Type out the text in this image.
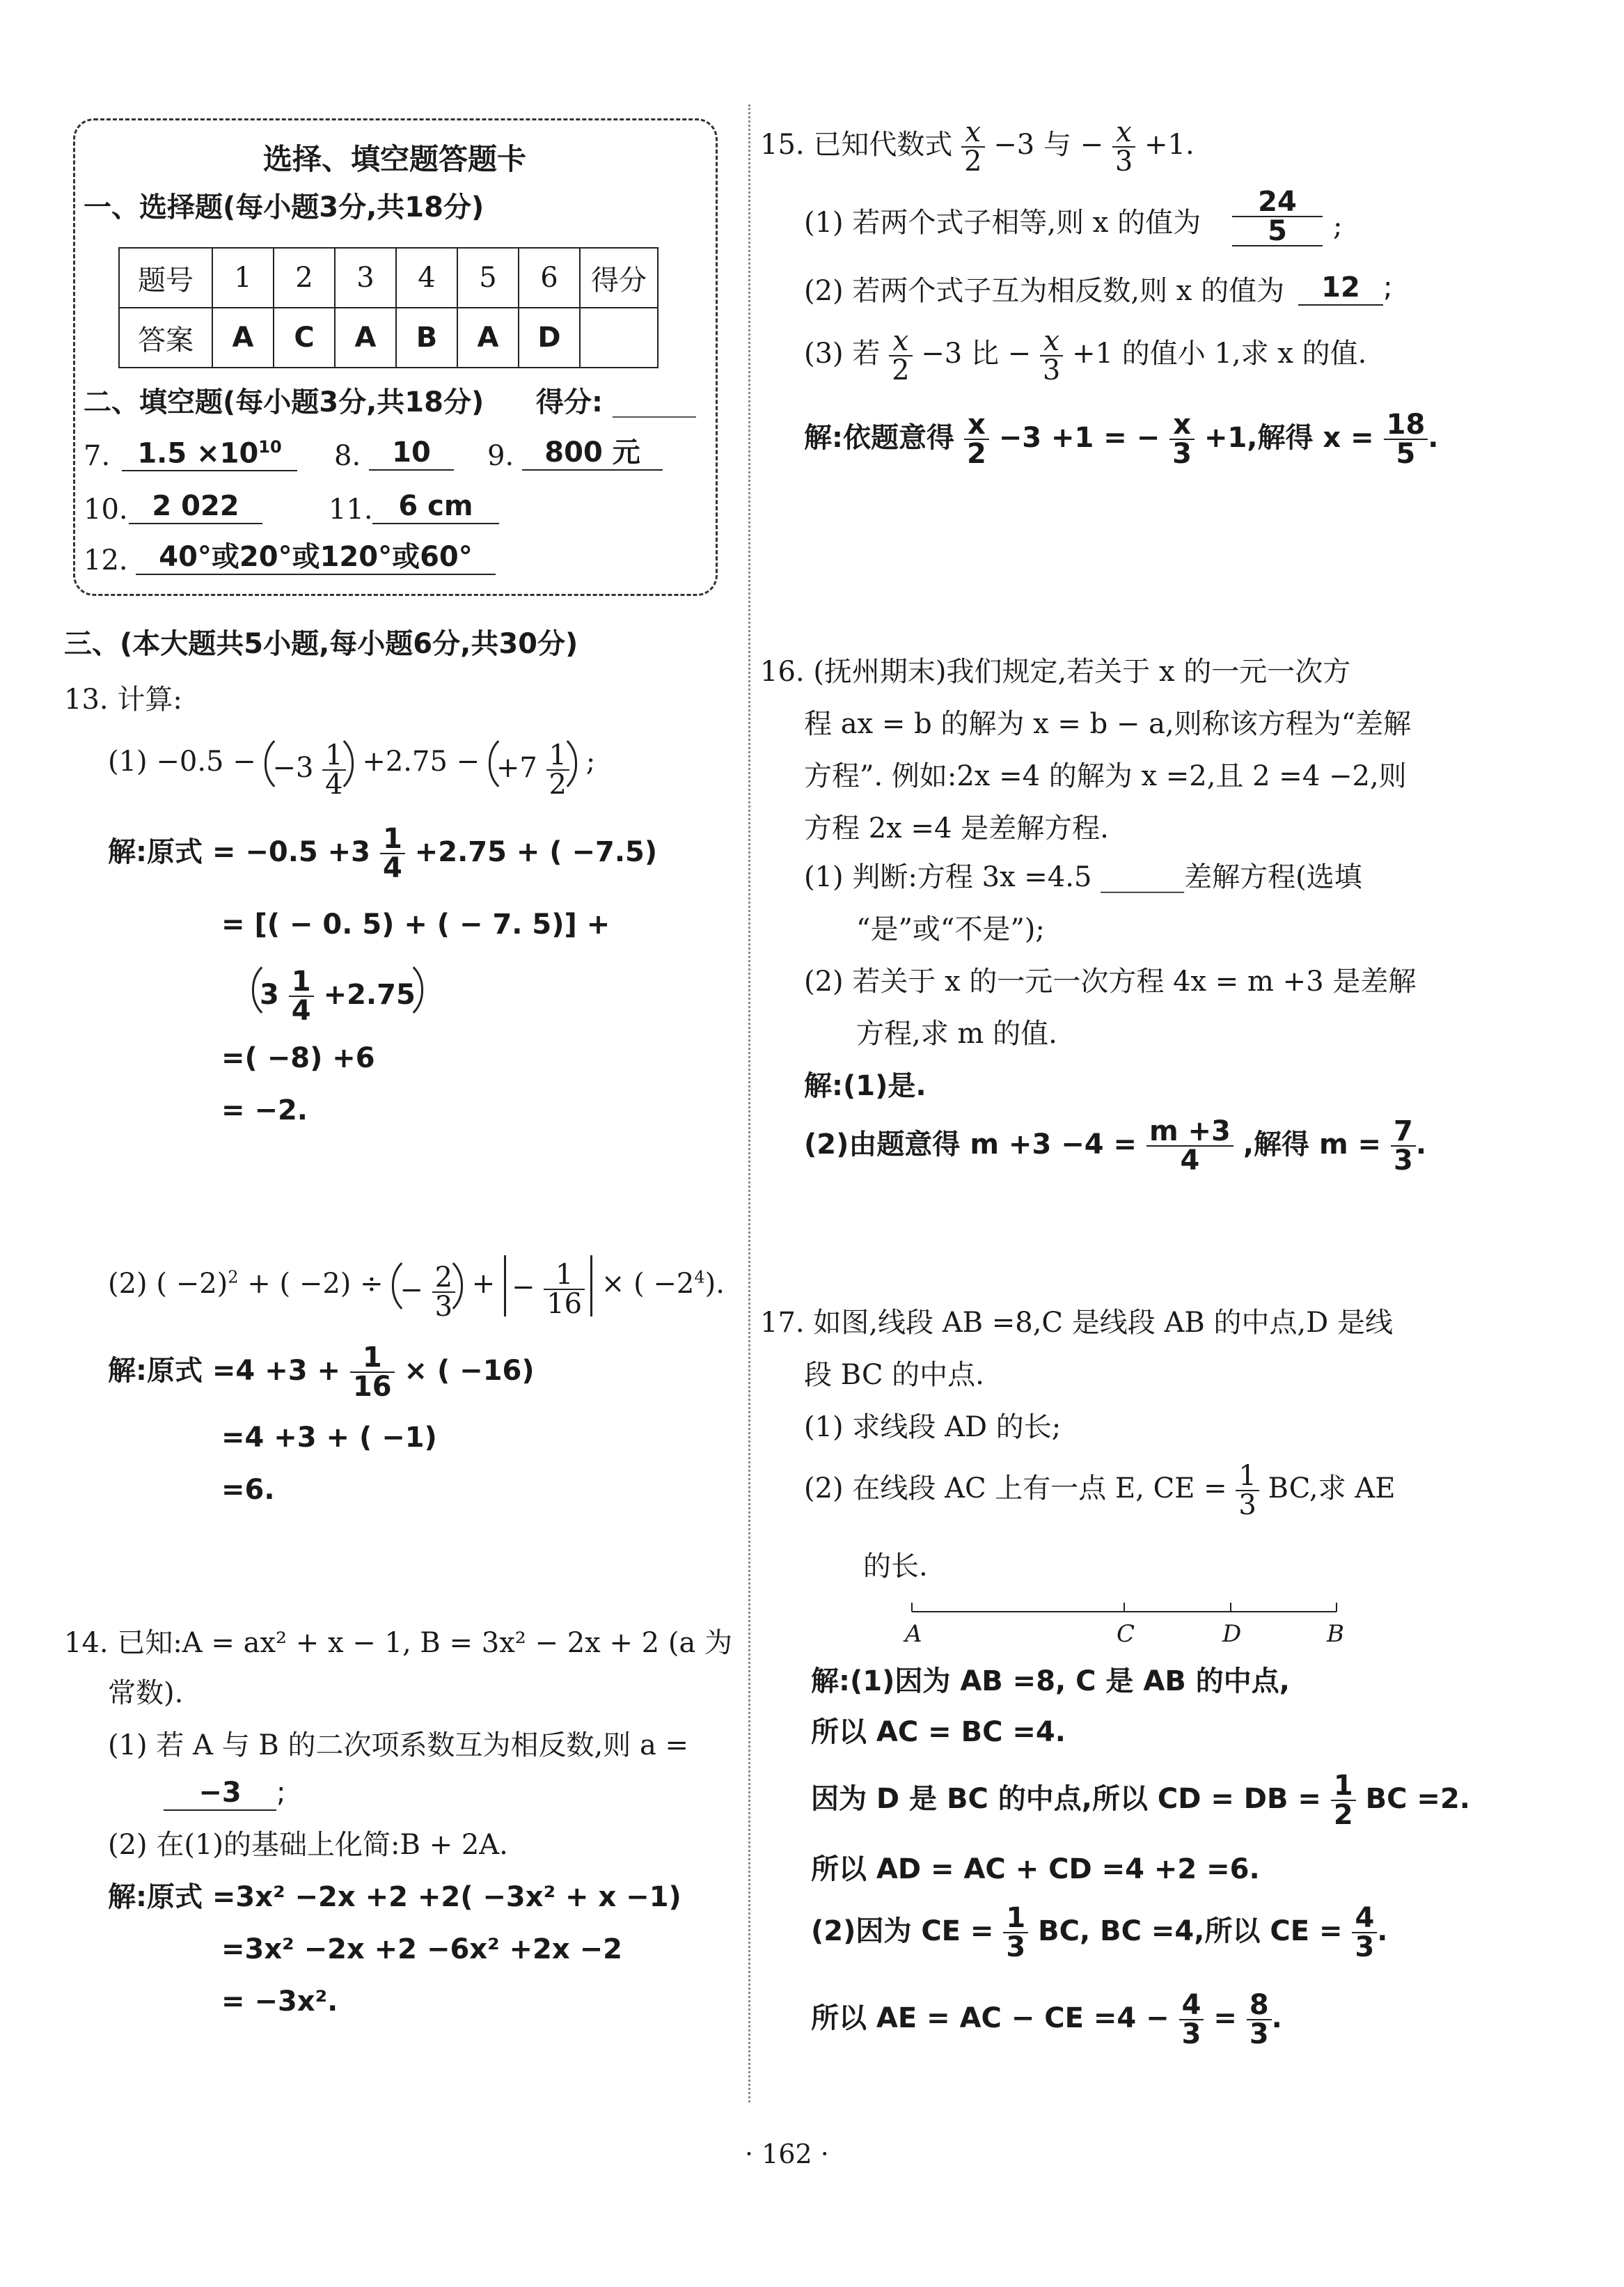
选择、填空题答题卡
一、选择题(每小题3分,共18分)
题号	1	2	3	4	5	6	得分
答案	A	C	A	B	A	D	
二、填空题(每小题3分,共18分) 得分:
7. $1.5 \times 10^{10}$	8.	10	9.	800 元
10. 2 022	11. 6 cm
12.	40°或20°或120°或60°
三、(本大题共5小题,每小题6分,共30分)
13. 计算:
$(1) -0.5 - -3 \frac{1}{4} +2.75 - +7 \frac{1}{2}$ ;
解:原式 = $-0.5 +3 \frac{1}{4} +2.75$ + ( −7.5)
= [( − 0. 5) + ( − 7. 5)] +
$3 \frac{1}{4} +2.75$
=( −8) +6
= −2.
(2) ( −2)$^2$ + ( −2) ÷ − $\frac{2}{3}$ + − $\frac{1}{16}$ × ( $-2^4$).
解:原式 $=4 +3 + \frac{1}{16}$ × ( −16)
=4 +3 + ( −1)
=6.
14. 已知:A = ax² + x − 1, B = 3x² − 2x + 2 (a 为
常数).
(1) 若 A 与 B 的二次项系数互为相反数,则 a =
−3 ;
(2) 在(1)的基础上化简:B + 2A.
解:原式 =3x² −2x +2 +2( −3x² + x −1)
=3x² −2x +2 −6x² +2x −2
= −3x².
15. 已知代数式 $\frac{x}{2} -3$ 与 − $\frac{x}{3} +1$.
(1) 若两个式子相等,则 x 的值为 $\frac{24}{5}$ ;
(2) 若两个式子互为相反数,则 x 的值为	12 ;
(3) 若 $\frac{x}{2} -3$ 比 − $\frac{x}{3} +1$ 的值小 1,求 x 的值.
解:依题意得 $\frac{x}{2} -3 +1$ = − $\frac{x}{3} +1$,解得 $x = \frac{18}{5}$ .
16. (抚州期末)我们规定,若关于 x 的一元一次方
程 ax = b 的解为 x = b − a,则称该方程为“差解
方程”. 例如:2x =4 的解为 x =2,且 2 =4 −2,则
方程 2x =4 是差解方程.
(1) 判断:方程 3x =4.5 ______差解方程(选填
“是”或“不是”);
(2) 若关于 x 的一元一次方程 4x = m +3 是差解
方程,求 m 的值.
解:(1)是.
(2)由题意得 $m +3 -4 = \frac{m +3}{4}$ ,解得 $m = \frac{7}{3}$ .
17. 如图,线段 AB =8,C 是线段 AB 的中点,D 是线
段 BC 的中点.
(1) 求线段 AD 的长;
(2) 在线段 AC 上有一点 E, CE = $\frac{1}{3}$ BC,求 AE
的长.
A	C	D	B
解:(1)因为 AB =8, C 是 AB 的中点,
所以 AC = BC =4.
因为 D 是 BC 的中点,所以 CD = DB = $\frac{1}{2}$ BC =2.
所以 AD = AC + CD =4 +2 =6.
(2)因为 CE = $\frac{1}{3}$ BC, BC =4,所以 CE = $\frac{4}{3}$ .
所以 AE = AC − CE $=4 - \frac{4}{3} = \frac{8}{3}$ .
· 162 ·
